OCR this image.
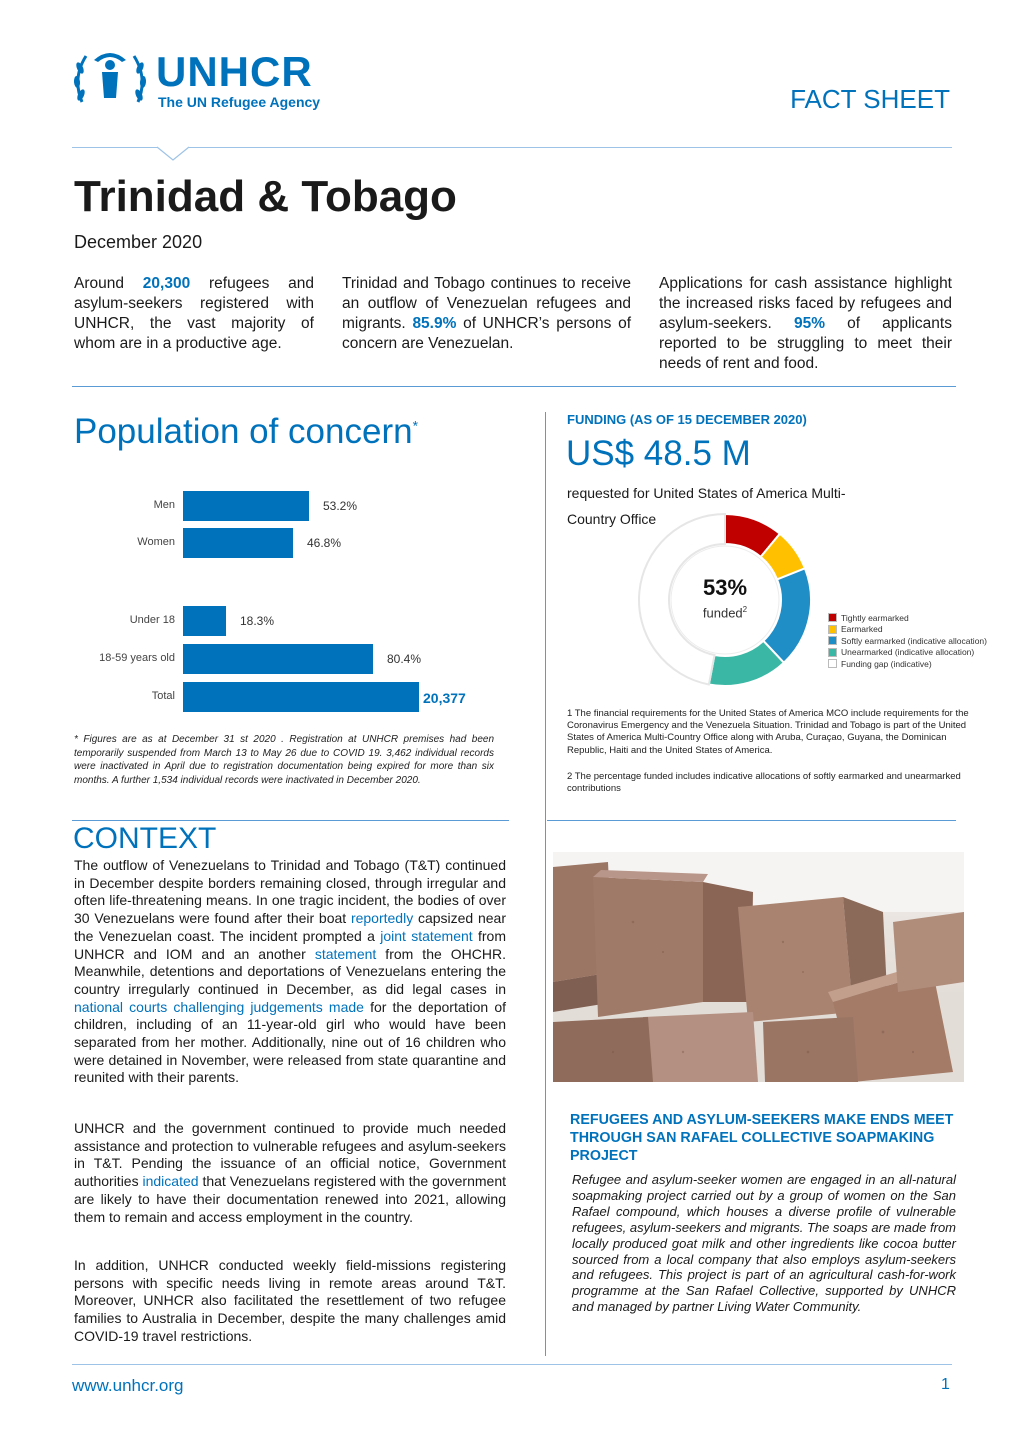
UNHCR
The UN Refugee Agency	FACT SHEET
Trinidad & Tobago
December 2020

Around 20,300 refugees and asylum-seekers registered with UNHCR, the vast majority of whom are in a productive age.

Trinidad and Tobago continues to receive an outflow of Venezuelan refugees and migrants. 85.9% of UNHCR’s persons of concern are Venezuelan.

Applications for cash assistance highlight the increased risks faced by refugees and asylum-seekers. 95% of applicants reported to be struggling to meet their needs of rent and food.

Population of concern*
Men	53.2%
Women	46.8%
Under 18	18.3%
18-59 years old	80.4%
Total	20,377

* Figures are as at December 31 st 2020 . Registration at UNHCR premises had been temporarily suspended from March 13 to May 26 due to COVID 19. 3,462 individual records were inactivated in April due to registration documentation being expired for more than six months. A further 1,534 individual records were inactivated in December 2020.

FUNDING (AS OF 15 DECEMBER 2020)
US$ 48.5 M
requested for United States of America Multi-Country Office
53%
funded$^2$
Tightly earmarked
Earmarked
Softly earmarked (indicative allocation)
Unearmarked (indicative allocation)
Funding gap (indicative)

1 The financial requirements for the United States of America MCO include requirements for the Coronavirus Emergency and the Venezuela Situation. Trinidad and Tobago is part of the United States of America Multi-Country Office along with Aruba, Curaçao, Guyana, the Dominican Republic, Haiti and the United States of America.

2 The percentage funded includes indicative allocations of softly earmarked and unearmarked contributions

CONTEXT

The outflow of Venezuelans to Trinidad and Tobago (T&T) continued in December despite borders remaining closed, through irregular and often life-threatening means. In one tragic incident, the bodies of over 30 Venezuelans were found after their boat reportedly capsized near the Venezuelan coast. The incident prompted a joint statement from UNHCR and IOM and an another statement from the OHCHR. Meanwhile, detentions and deportations of Venezuelans entering the country irregularly continued in December, as did legal cases in national courts challenging judgements made for the deportation of children, including of an 11-year-old girl who would have been separated from her mother. Additionally, nine out of 16 children who were detained in November, were released from state quarantine and reunited with their parents.

UNHCR and the government continued to provide much needed assistance and protection to vulnerable refugees and asylum-seekers in T&T. Pending the issuance of an official notice, Government authorities indicated that Venezuelans registered with the government are likely to have their documentation renewed into 2021, allowing them to remain and access employment in the country.

In addition, UNHCR conducted weekly field-missions registering persons with specific needs living in remote areas around T&T. Moreover, UNHCR also facilitated the resettlement of two refugee families to Australia in December, despite the many challenges amid COVID-19 travel restrictions.

REFUGEES AND ASYLUM-SEEKERS MAKE ENDS MEET THROUGH SAN RAFAEL COLLECTIVE SOAPMAKING PROJECT

Refugee and asylum-seeker women are engaged in an all-natural soapmaking project carried out by a group of women on the San Rafael compound, which houses a diverse profile of vulnerable refugees, asylum-seekers and migrants. The soaps are made from locally produced goat milk and other ingredients like cocoa butter sourced from a local company that also employs asylum-seekers and refugees. This project is part of an agricultural cash-for-work programme at the San Rafael Collective, supported by UNHCR and managed by partner Living Water Community.

www.unhcr.org	1
